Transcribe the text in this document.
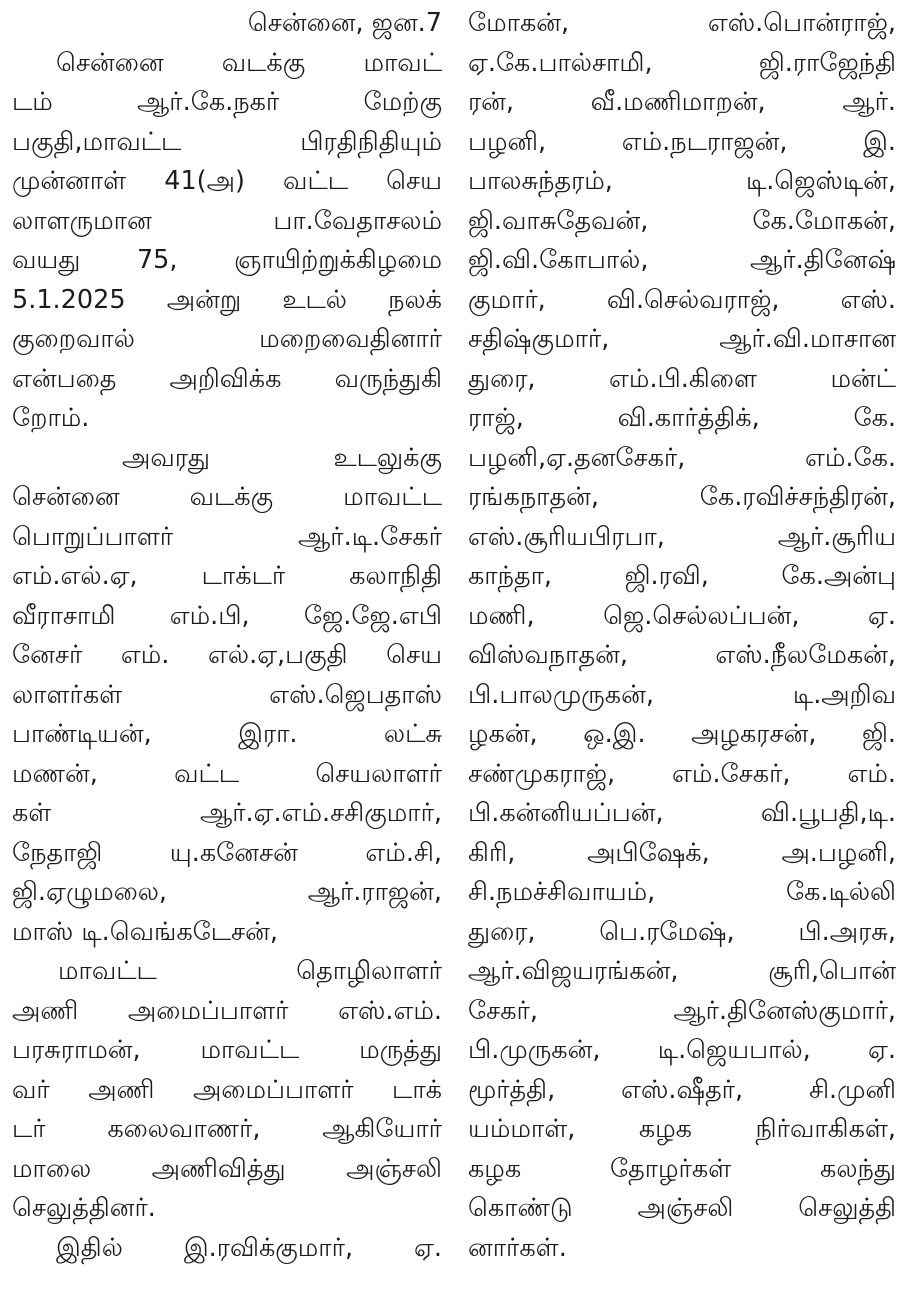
சென்னை, ஜன.7
சென்னை வடக்கு மாவட்
டம் ஆர்.கே.நகர் மேற்கு
பகுதி,மாவட்ட பிரதிநிதியும்
முன்னாள் 41(அ) வட்ட செய
லாளருமான பா.வேதாசலம்
வயது 75, ஞாயிற்றுக்கிழமை
5.1.2025 அன்று உடல் நலக்
குறைவால் மறைவைதினார்
என்பதை அறிவிக்க வருந்துகி
றோம்.
அவரது உடலுக்கு
சென்னை வடக்கு மாவட்ட
பொறுப்பாளர் ஆர்.டி.சேகர்
எம்.எல்.ஏ, டாக்டர் கலாநிதி
வீராசாமி எம்.பி, ஜே.ஜே.எபி
னேசர் எம். எல்.ஏ,பகுதி செய
லாளர்கள் எஸ்.ஜெபதாஸ்
பாண்டியன், இரா. லட்சு
மணன், வட்ட செயலாளர்
கள் ஆர்.ஏ.எம்.சசிகுமார்,
நேதாஜி யு.கனேசன் எம்.சி,
ஜி.ஏழுமலை, ஆர்.ராஜன்,
மாஸ் டி.வெங்கடேசன்,
மாவட்ட தொழிலாளர்
அணி அமைப்பாளர் எஸ்.எம்.
பரசுராமன், மாவட்ட மருத்து
வர் அணி அமைப்பாளர் டாக்
டர் கலைவாணர், ஆகியோர்
மாலை அணிவித்து அஞ்சலி
செலுத்தினர்.
இதில் இ.ரவிக்குமார், ஏ.
மோகன், எஸ்.பொன்ராஜ்,
ஏ.கே.பால்சாமி, ஜி.ராஜேந்தி
ரன், வீ.மணிமாறன், ஆர்.
பழனி, எம்.நடராஜன், இ.
பாலசுந்தரம், டி.ஜெஸ்டின்,
ஜி.வாசுதேவன், கே.மோகன்,
ஜி.வி.கோபால், ஆர்.தினேஷ்
குமார், வி.செல்வராஜ், எஸ்.
சதிஷ்குமார், ஆர்.வி.மாசான
துரை, எம்.பி.கிளை மன்ட்
ராஜ், வி.கார்த்திக், கே.
பழனி,ஏ.தனசேகர், எம்.கே.
ரங்கநாதன், கே.ரவிச்சந்திரன்,
எஸ்.சூரியபிரபா, ஆர்.சூரிய
காந்தா, ஜி.ரவி, கே.அன்பு
மணி, ஜெ.செல்லப்பன், ஏ.
விஸ்வநாதன், எஸ்.நீலமேகன்,
பி.பாலமுருகன், டி.அறிவ
ழகன், ஒ.இ. அழகரசன், ஜி.
சண்முகராஜ், எம்.சேகர், எம்.
பி.கன்னியப்பன், வி.பூபதி,டி.
கிரி, அபிஷேக், அ.பழனி,
சி.நமச்சிவாயம், கே.டில்லி
துரை, பெ.ரமேஷ், பி.அரசு,
ஆர்.விஜயரங்கன், சூரி,பொன்
சேகர், ஆர்.தினேஸ்குமார்,
பி.முருகன், டி.ஜெயபால், ஏ.
மூர்த்தி, எஸ்.ஷீதர், சி.முனி
யம்மாள், கழக நிர்வாகிகள்,
கழக தோழர்கள் கலந்து
கொண்டு அஞ்சலி செலுத்தி
னார்கள்.
